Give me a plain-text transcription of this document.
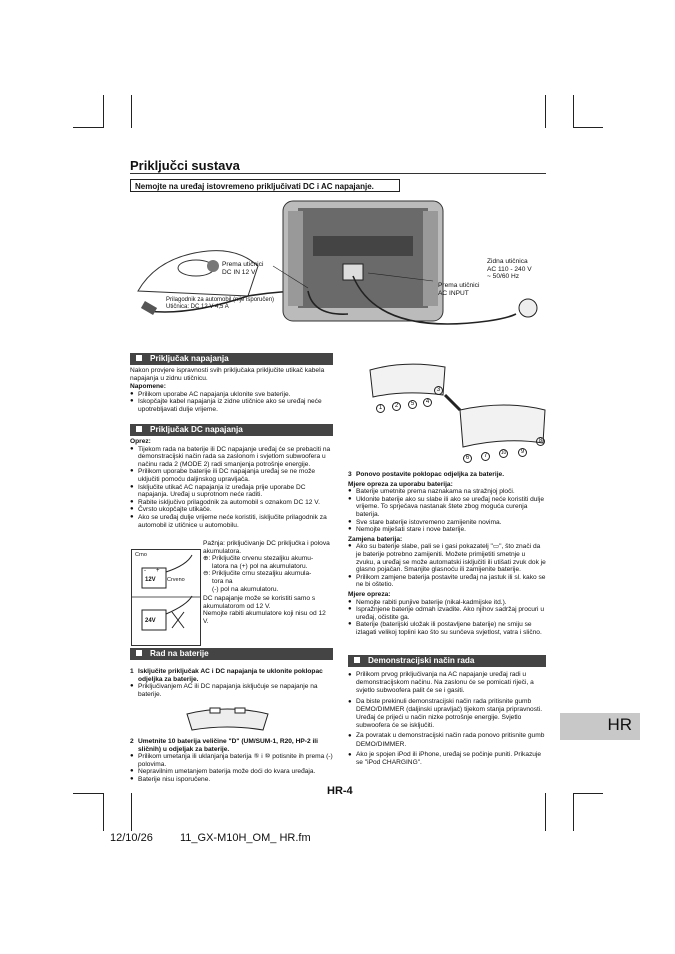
Priključci sustava
Nemojte na uređaj istovremeno priključivati DC i AC napajanje.

Prema utičnici

DC IN 12 V

Prema utičnici

AC INPUT

Zidna utičnica

AC 110 - 240 V

~ 50/60 Hz

Prilagodnik za automobil (nije isporučen)

Utičnica: DC 12 V 4,5 A

Priključak napajanja

Nakon provjere ispravnosti svih priključaka priključite utikač kabela napajanja u zidnu utičnicu.

Napomene:

● Prilikom uporabe AC napajanja uklonite sve baterije.

● Iskopčajte kabel napajanja iz zidne utičnice ako se uređaj neće upotrebljavati dulje vrijeme.

Priključak DC napajanja

Oprez:

● Tijekom rada na baterije ili DC napajanje uređaj će se prebaciti na demonstracijski način rada sa zaslonom i svjetlom subwoofera u načinu rada 2 (MODE 2) radi smanjenja potrošnje energije.

● Prilikom uporabe baterije ili DC napajanja uređaj se ne može uključiti pomoću daljinskog upravljača.

● Isključite utikač AC napajanja iz uređaja prije uporabe DC napajanja. Uređaj u suprotnom neće raditi.

● Rabite isključivo prilagodnik za automobil s oznakom DC 12 V.

● Čvrsto ukopčajte utikače.

● Ako se uređaj dulje vrijeme neće koristiti, isključite prilagodnik za automobil iz utičnice u automobilu.

Crno
Crveno
12V
24V
+
-

Pažnja: priključivanje DC priključka i polova akumulatora.

⊕: Priključite crvenu stezaljku akumu-

latora na (+) pol na akumulatoru.

⊖: Priključite crnu stezaljku akumula-

tora na

(-) pol na akumulatoru.

DC napajanje može se koristiti samo s akumulatorom od 12 V.

Nemojte rabiti akumulatore koji nisu od 12 V.

Rad na baterije

1 Isključite priključak AC i DC napajanja te uklonite poklopac odjeljka za baterije.

● Priključivanjem AC ili DC napajanja isključuje se napajanje na baterije.

2 Umetnite 10 baterija veličine "D" (UM/SUM-1, R20, HP-2 ili sličnih) u odjeljak za baterije.

● Prilikom umetanja ili uklanjanja baterija ⑤ i ⑩ potisnite ih prema (-) polovima.

● Nepravilnim umetanjem baterija može doći do kvara uređaja.

● Baterije nisu isporučene.

1	2
3
4
5
6	7
8
9
10

3 Ponovo postavite poklopac odjeljka za baterije.

Mjere opreza za uporabu baterija:

● Baterije umetnite prema naznakama na stražnjoj ploči.

● Uklonite baterije ako su slabe ili ako se uređaj neće koristiti dulje vrijeme. To sprječava nastanak štete zbog moguća curenja baterija.

● Sve stare baterije istovremeno zamijenite novima.

● Nemojte miješati stare i nove baterije.

Zamjena baterija:

● Ako su baterije slabe, pali se i gasi pokazatelj "▭", što znači da je baterije potrebno zamijeniti. Možete primijetiti smetnje u zvuku, a uređaj se može automatski isključiti ili utišati zvuk dok je glasno pojačan. Smanjite glasnoću ili zamijenite baterije.

● Prilikom zamjene baterija postavite uređaj na jastuk ili sl. kako se ne bi oštetio.

Mjere opreza:

● Nemojte rabiti punjive baterije (nikal-kadmijske itd.).

● Ispražnjene baterije odmah izvadite. Ako njihov sadržaj procuri u uređaj, očistite ga.

● Baterije (baterijski uložak ili postavljene baterije) ne smiju se izlagati velikoj toplini kao što su sunčeva svjetlost, vatra i slično.

Demonstracijski način rada

● Prilikom prvog priključivanja na AC napajanje uređaj radi u demonstracijskom načinu. Na zaslonu će se pomicati riječi, a svjetlo subwoofera palit će se i gasiti.

● Da biste prekinuli demonstracijski način rada pritisnite gumb DEMO/DIMMER (daljinski upravljač) tijekom stanja pripravnosti. Uređaj će prijeći u način nizke potrošnje energije. Svjetlo subwoofera će se isključiti.

● Za povratak u demonstracijski način rada ponovo pritisnite gumb DEMO/DIMMER.

● Ako je spojen iPod ili iPhone, uređaj se počinje puniti. Prikazuje se "iPod CHARGING".

HR
HR-4
12/10/26 11_GX-M10H_OM_ HR.fm
